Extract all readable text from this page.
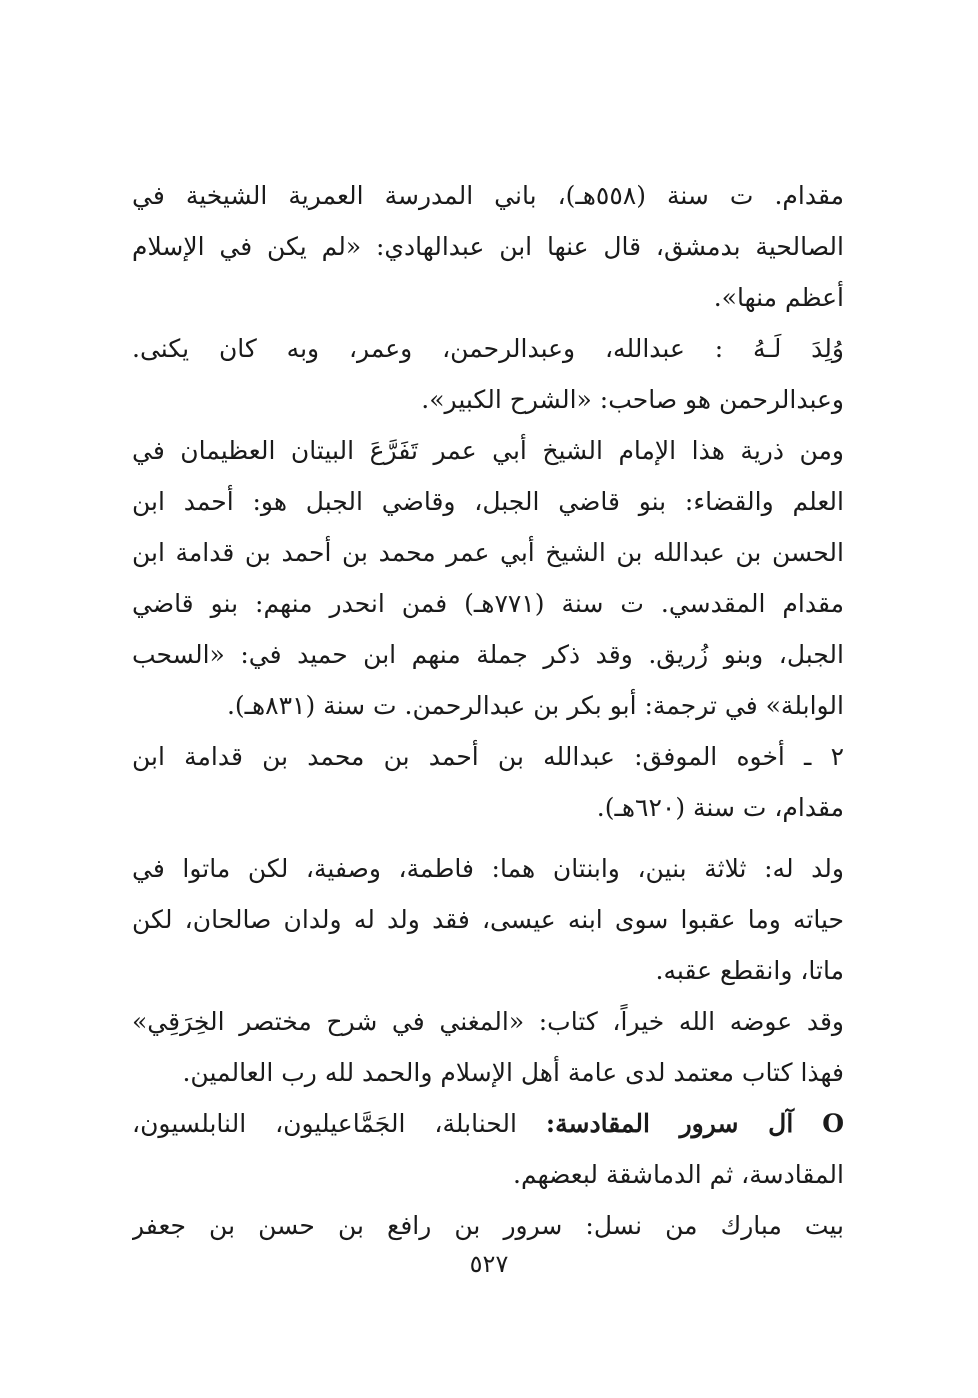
مقدام. ت سنة (٥٥٨هـ)، باني المدرسة العمرية الشيخية في
الصالحية بدمشق، قال عنها ابن عبدالهادي: «لم يكن في الإسلام
أعظم منها».
وُلِدَ لَـهُ : عبدالله، وعبدالرحمن، وعمر، وبه كان يكنى.
وعبدالرحمن هو صاحب: «الشرح الكبير».
ومن ذرية هذا الإمام الشيخ أبي عمر تَفَرَّعَ البيتان العظيمان في
العلم والقضاء: بنو قاضي الجبل، وقاضي الجبل هو: أحمد ابن
الحسن بن عبدالله بن الشيخ أبي عمر محمد بن أحمد بن قدامة ابن
مقدام المقدسي. ت سنة (٧٧١هـ) فمن انحدر منهم: بنو قاضي
الجبل، وبنو زُريق. وقد ذكر جملة منهم ابن حميد في: «السحب
الوابلة» في ترجمة: أبو بكر بن عبدالرحمن. ت سنة (٨٣١هـ).
٢ ـ أخوه الموفق: عبدالله بن أحمد بن محمد بن قدامة ابن
مقدام، ت سنة (٦٢٠هـ).
ولد له: ثلاثة بنين، وابنتان هما: فاطمة، وصفية، لكن ماتوا في
حياته وما عقبوا سوى ابنه عيسى، فقد ولد له ولدان صالحان، لكن
ماتا، وانقطع عقبه.
وقد عوضه الله خيراً، كتاب: «المغني في شرح مختصر الخِرَقِي»
فهذا كتاب معتمد لدى عامة أهل الإسلام والحمد لله رب العالمين.
O آل سرور المقادسة: الحنابلة، الجَمَّاعيليون، النابلسيون،
المقادسة، ثم الدماشقة لبعضهم.
بيت مبارك من نسل: سرور بن رافع بن حسن بن جعفر
٥٢٧
